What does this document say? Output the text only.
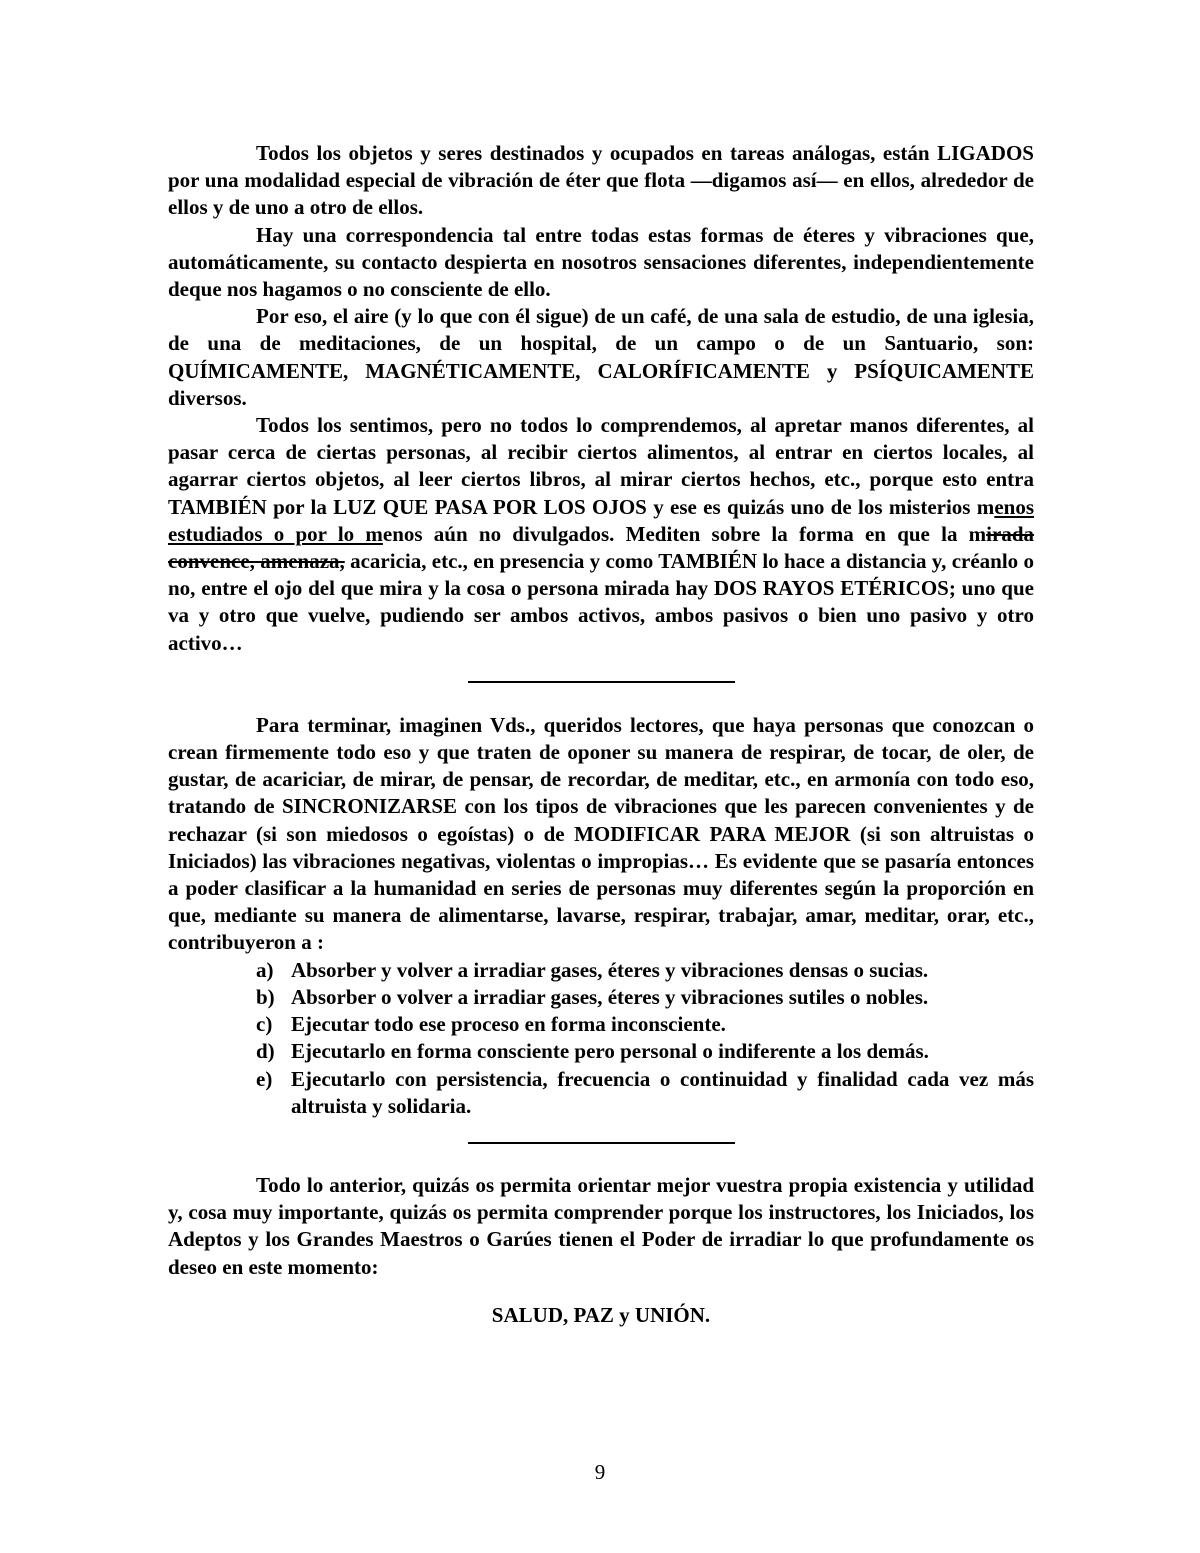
Todos los objetos y seres destinados y ocupados en tareas análogas, están LIGADOS por una modalidad especial de vibración de éter que flota —digamos así— en ellos, alrededor de ellos y de uno a otro de ellos.

Hay una correspondencia tal entre todas estas formas de éteres y vibraciones que, automáticamente, su contacto despierta en nosotros sensaciones diferentes, independientemente deque nos hagamos o no consciente de ello.

Por eso, el aire (y lo que con él sigue) de un café, de una sala de estudio, de una iglesia, de una de meditaciones, de un hospital, de un campo o de un Santuario, son: QUÍMICAMENTE, MAGNÉTICAMENTE, CALORÍFICAMENTE y PSÍQUICAMENTE diversos.

Todos los sentimos, pero no todos lo comprendemos, al apretar manos diferentes, al pasar cerca de ciertas personas, al recibir ciertos alimentos, al entrar en ciertos locales, al agarrar ciertos objetos, al leer ciertos libros, al mirar ciertos hechos, etc., porque esto entra TAMBIÉN por la LUZ QUE PASA POR LOS OJOS y ese es quizás uno de los misterios menos estudiados o por lo menos aún no divulgados. Mediten sobre la forma en que la mirada convence, amenaza, acaricia, etc., en presencia y como TAMBIÉN lo hace a distancia y, créanlo o no, entre el ojo del que mira y la cosa o persona mirada hay DOS RAYOS ETÉRICOS; uno que va y otro que vuelve, pudiendo ser ambos activos, ambos pasivos o bien uno pasivo y otro activo…

Para terminar, imaginen Vds., queridos lectores, que haya personas que conozcan o crean firmemente todo eso y que traten de oponer su manera de respirar, de tocar, de oler, de gustar, de acariciar, de mirar, de pensar, de recordar, de meditar, etc., en armonía con todo eso, tratando de SINCRONIZARSE con los tipos de vibraciones que les parecen convenientes y de rechazar (si son miedosos o egoístas) o de MODIFICAR PARA MEJOR (si son altruistas o Iniciados) las vibraciones negativas, violentas o impropias… Es evidente que se pasaría entonces a poder clasificar a la humanidad en series de personas muy diferentes según la proporción en que, mediante su manera de alimentarse, lavarse, respirar, trabajar, amar, meditar, orar, etc., contribuyeron a :

a) Absorber y volver a irradiar gases, éteres y vibraciones densas o sucias.
b) Absorber o volver a irradiar gases, éteres y vibraciones sutiles o nobles.
c) Ejecutar todo ese proceso en forma inconsciente.
d) Ejecutarlo en forma consciente pero personal o indiferente a los demás.
e) Ejecutarlo con persistencia, frecuencia o continuidad y finalidad cada vez más altruista y solidaria.

Todo lo anterior, quizás os permita orientar mejor vuestra propia existencia y utilidad y, cosa muy importante, quizás os permita comprender porque los instructores, los Iniciados, los Adeptos y los Grandes Maestros o Garúes tienen el Poder de irradiar lo que profundamente os deseo en este momento:

SALUD, PAZ y UNIÓN.
9
